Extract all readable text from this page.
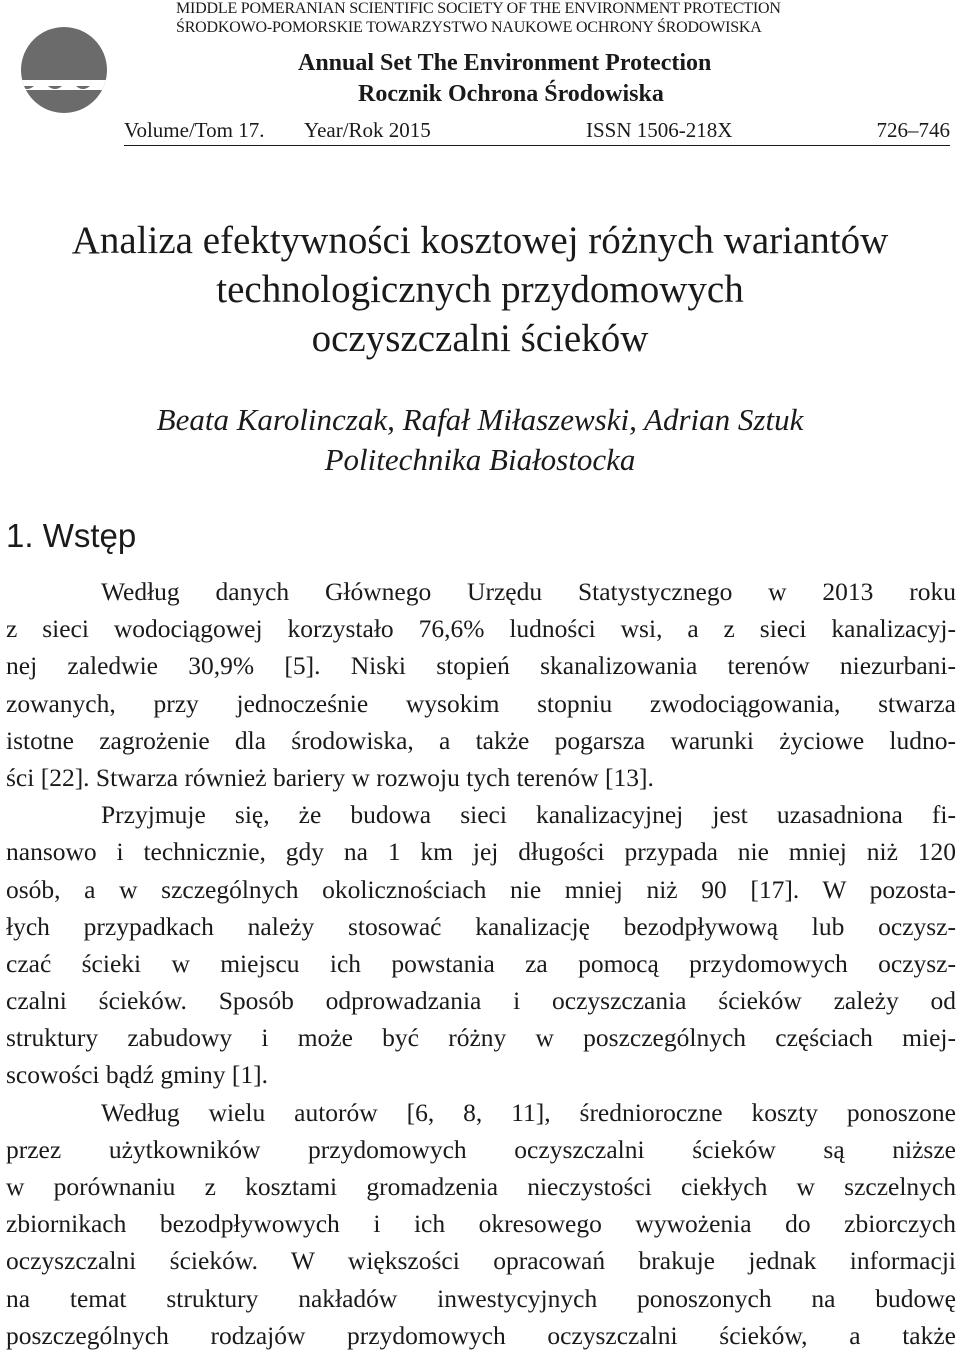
MIDDLE POMERANIAN SCIENTIFIC SOCIETY OF THE ENVIRONMENT PROTECTION
ŚRODKOWO-POMORSKIE TOWARZYSTWO NAUKOWE OCHRONY ŚRODOWISKA
Annual Set The Environment Protection
Rocznik Ochrona Środowiska
Volume/Tom 17. Year/Rok 2015	ISSN 1506-218X	726–746
Analiza efektywności kosztowej różnych wariantów
technologicznych przydomowych
oczyszczalni ścieków
Beata Karolinczak, Rafał Miłaszewski, Adrian Sztuk
Politechnika Białostocka
1. Wstęp
Według danych Głównego Urzędu Statystycznego w 2013 roku
z sieci wodociągowej korzystało 76,6% ludności wsi, a z sieci kanalizacyj-
nej zaledwie 30,9% [5]. Niski stopień skanalizowania terenów niezurbani-
zowanych, przy jednocześnie wysokim stopniu zwodociągowania, stwarza
istotne zagrożenie dla środowiska, a także pogarsza warunki życiowe ludno-
ści [22]. Stwarza również bariery w rozwoju tych terenów [13].
Przyjmuje się, że budowa sieci kanalizacyjnej jest uzasadniona fi-
nansowo i technicznie, gdy na 1 km jej długości przypada nie mniej niż 120
osób, a w szczególnych okolicznościach nie mniej niż 90 [17]. W pozosta-
łych przypadkach należy stosować kanalizację bezodpływową lub oczysz-
czać ścieki w miejscu ich powstania za pomocą przydomowych oczysz-
czalni ścieków. Sposób odprowadzania i oczyszczania ścieków zależy od
struktury zabudowy i może być różny w poszczególnych częściach miej-
scowości bądź gminy [1].
Według wielu autorów [6, 8, 11], średnioroczne koszty ponoszone
przez użytkowników przydomowych oczyszczalni ścieków są niższe
w porównaniu z kosztami gromadzenia nieczystości ciekłych w szczelnych
zbiornikach bezodpływowych i ich okresowego wywożenia do zbiorczych
oczyszczalni ścieków. W większości opracowań brakuje jednak informacji
na temat struktury nakładów inwestycyjnych ponoszonych na budowę
poszczególnych rodzajów przydomowych oczyszczalni ścieków, a także
